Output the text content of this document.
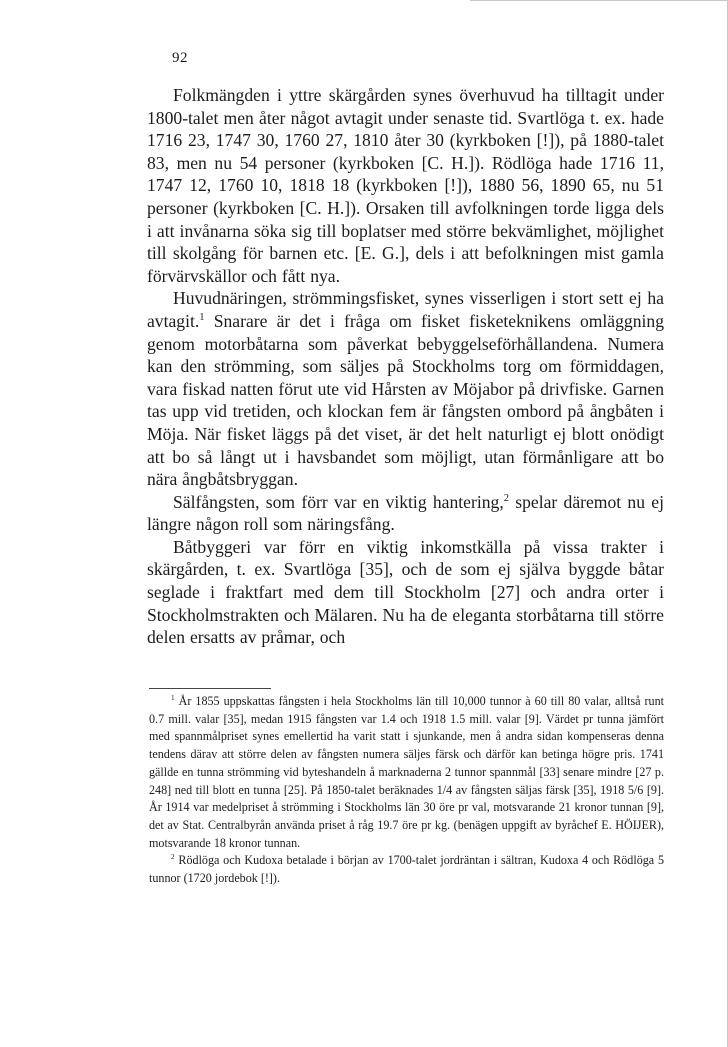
92

Folkmängden i yttre skärgården synes överhuvud ha tilltagit under 1800-talet men åter något avtagit under senaste tid. Svartlöga t. ex. hade 1716 23, 1747 30, 1760 27, 1810 åter 30 (kyrkboken [!]), på 1880-talet 83, men nu 54 personer (kyrkboken [C. H.]). Rödlöga hade 1716 11, 1747 12, 1760 10, 1818 18 (kyrkboken [!]), 1880 56, 1890 65, nu 51 personer (kyrkboken [C. H.]). Orsaken till avfolkningen torde ligga dels i att invånarna söka sig till boplatser med större bekvämlighet, möjlighet till skolgång för barnen etc. [E. G.], dels i att befolkningen mist gamla förvärvskällor och fått nya.

Huvudnäringen, strömmingsfisket, synes visserligen i stort sett ej ha avtagit.$^1$ Snarare är det i fråga om fisket fisketeknikens omläggning genom motorbåtarna som påverkat bebyggelseförhållandena. Numera kan den strömming, som säljes på Stockholms torg om förmiddagen, vara fiskad natten förut ute vid Hårsten av Möjabor på drivfiske. Garnen tas upp vid tretiden, och klockan fem är fångsten ombord på ångbåten i Möja. När fisket läggs på det viset, är det helt naturligt ej blott onödigt att bo så långt ut i havsbandet som möjligt, utan förmånligare att bo nära ångbåtsbryggan.

Sälfångsten, som förr var en viktig hantering,$^2$ spelar däremot nu ej längre någon roll som näringsfång.

Båtbyggeri var förr en viktig inkomstkälla på vissa trakter i skärgården, t. ex. Svartlöga [35], och de som ej själva byggde båtar seglade i fraktfart med dem till Stockholm [27] och andra orter i Stockholmstrakten och Mälaren. Nu ha de eleganta storbåtarna till större delen ersatts av pråmar, och

$^1$ År 1855 uppskattas fångsten i hela Stockholms län till 10,000 tunnor à 60 till 80 valar, alltså runt 0.7 mill. valar [35], medan 1915 fångsten var 1.4 och 1918 1.5 mill. valar [9]. Värdet pr tunna jämfört med spannmålpriset synes emellertid ha varit statt i sjunkande, men å andra sidan kompenseras denna tendens därav att större delen av fångsten numera säljes färsk och därför kan betinga högre pris. 1741 gällde en tunna strömming vid byteshandeln å marknaderna 2 tunnor spannmål [33] senare mindre [27 p. 248] ned till blott en tunna [25]. På 1850-talet beräknades 1/4 av fångsten säljas färsk [35], 1918 5/6 [9]. År 1914 var medelpriset å strömming i Stockholms län 30 öre pr val, motsvarande 21 kronor tunnan [9], det av Stat. Centralbyrån använda priset å råg 19.7 öre pr kg. (benägen uppgift av byråchef E. HÖIJER), motsvarande 18 kronor tunnan.

$^2$ Rödlöga och Kudoxa betalade i början av 1700-talet jordräntan i sältran, Kudoxa 4 och Rödlöga 5 tunnor (1720 jordebok [!]).
